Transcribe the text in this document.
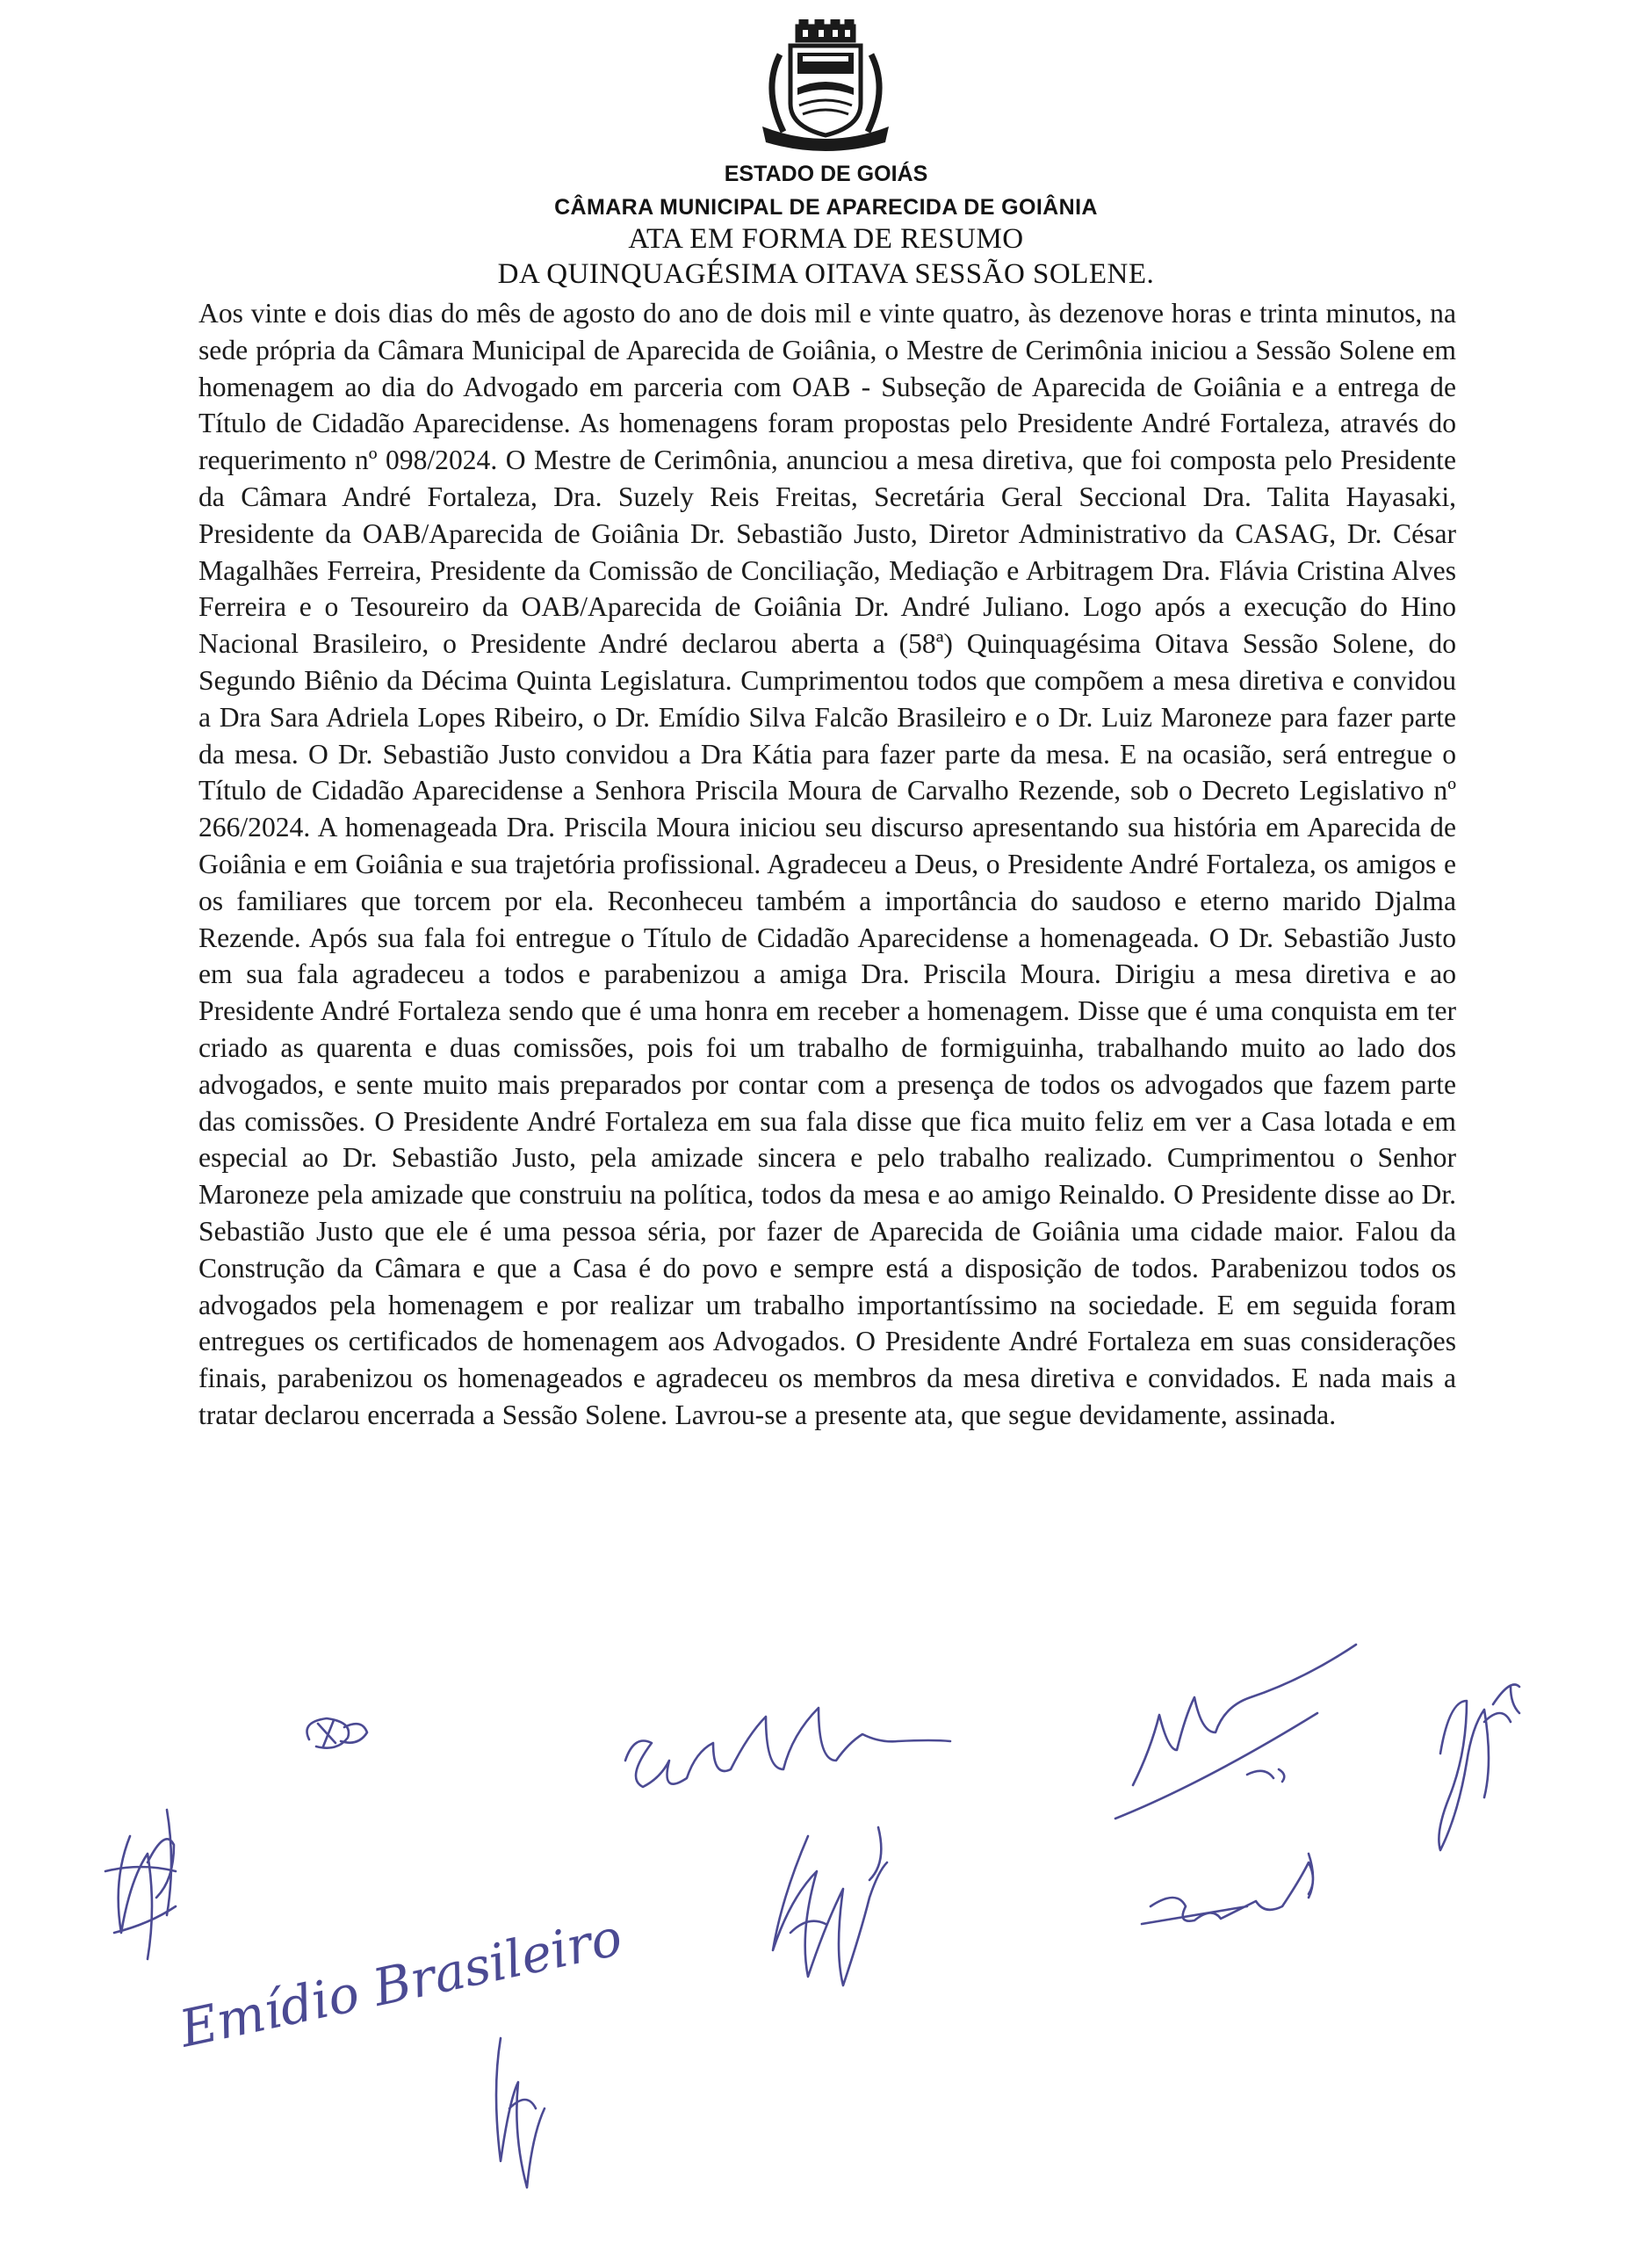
ESTADO DE GOIÁS
CÂMARA MUNICIPAL DE APARECIDA DE GOIÂNIA
ATA EM FORMA DE RESUMO
DA QUINQUAGÉSIMA OITAVA SESSÃO SOLENE.
Aos vinte e dois dias do mês de agosto do ano de dois mil e vinte quatro, às dezenove horas e trinta minutos, na sede própria da Câmara Municipal de Aparecida de Goiânia, o Mestre de Cerimônia iniciou a Sessão Solene em homenagem ao dia do Advogado em parceria com OAB - Subseção de Aparecida de Goiânia e a entrega de Título de Cidadão Aparecidense. As homenagens foram propostas pelo Presidente André Fortaleza, através do requerimento nº 098/2024. O Mestre de Cerimônia, anunciou a mesa diretiva, que foi composta pelo Presidente da Câmara André Fortaleza, Dra. Suzely Reis Freitas, Secretária Geral Seccional Dra. Talita Hayasaki, Presidente da OAB/Aparecida de Goiânia Dr. Sebastião Justo, Diretor Administrativo da CASAG, Dr. César Magalhães Ferreira, Presidente da Comissão de Conciliação, Mediação e Arbitragem Dra. Flávia Cristina Alves Ferreira e o Tesoureiro da OAB/Aparecida de Goiânia Dr. André Juliano. Logo após a execução do Hino Nacional Brasileiro, o Presidente André declarou aberta a (58ª) Quinquagésima Oitava Sessão Solene, do Segundo Biênio da Décima Quinta Legislatura. Cumprimentou todos que compõem a mesa diretiva e convidou a Dra Sara Adriela Lopes Ribeiro, o Dr. Emídio Silva Falcão Brasileiro e o Dr. Luiz Maroneze para fazer parte da mesa. O Dr. Sebastião Justo convidou a Dra Kátia para fazer parte da mesa. E na ocasião, será entregue o Título de Cidadão Aparecidense a Senhora Priscila Moura de Carvalho Rezende, sob o Decreto Legislativo nº 266/2024. A homenageada Dra. Priscila Moura iniciou seu discurso apresentando sua história em Aparecida de Goiânia e em Goiânia e sua trajetória profissional. Agradeceu a Deus, o Presidente André Fortaleza, os amigos e os familiares que torcem por ela. Reconheceu também a importância do saudoso e eterno marido Djalma Rezende. Após sua fala foi entregue o Título de Cidadão Aparecidense a homenageada. O Dr. Sebastião Justo em sua fala agradeceu a todos e parabenizou a amiga Dra. Priscila Moura. Dirigiu a mesa diretiva e ao Presidente André Fortaleza sendo que é uma honra em receber a homenagem. Disse que é uma conquista em ter criado as quarenta e duas comissões, pois foi um trabalho de formiguinha, trabalhando muito ao lado dos advogados, e sente muito mais preparados por contar com a presença de todos os advogados que fazem parte das comissões. O Presidente André Fortaleza em sua fala disse que fica muito feliz em ver a Casa lotada e em especial ao Dr. Sebastião Justo, pela amizade sincera e pelo trabalho realizado. Cumprimentou o Senhor Maroneze pela amizade que construiu na política, todos da mesa e ao amigo Reinaldo. O Presidente disse ao Dr. Sebastião Justo que ele é uma pessoa séria, por fazer de Aparecida de Goiânia uma cidade maior. Falou da Construção da Câmara e que a Casa é do povo e sempre está a disposição de todos. Parabenizou todos os advogados pela homenagem e por realizar um trabalho importantíssimo na sociedade. E em seguida foram entregues os certificados de homenagem aos Advogados. O Presidente André Fortaleza em suas considerações finais, parabenizou os homenageados e agradeceu os membros da mesa diretiva e convidados. E nada mais a tratar declarou encerrada a Sessão Solene. Lavrou-se a presente ata, que segue devidamente, assinada.
Emídio Brasileiro
